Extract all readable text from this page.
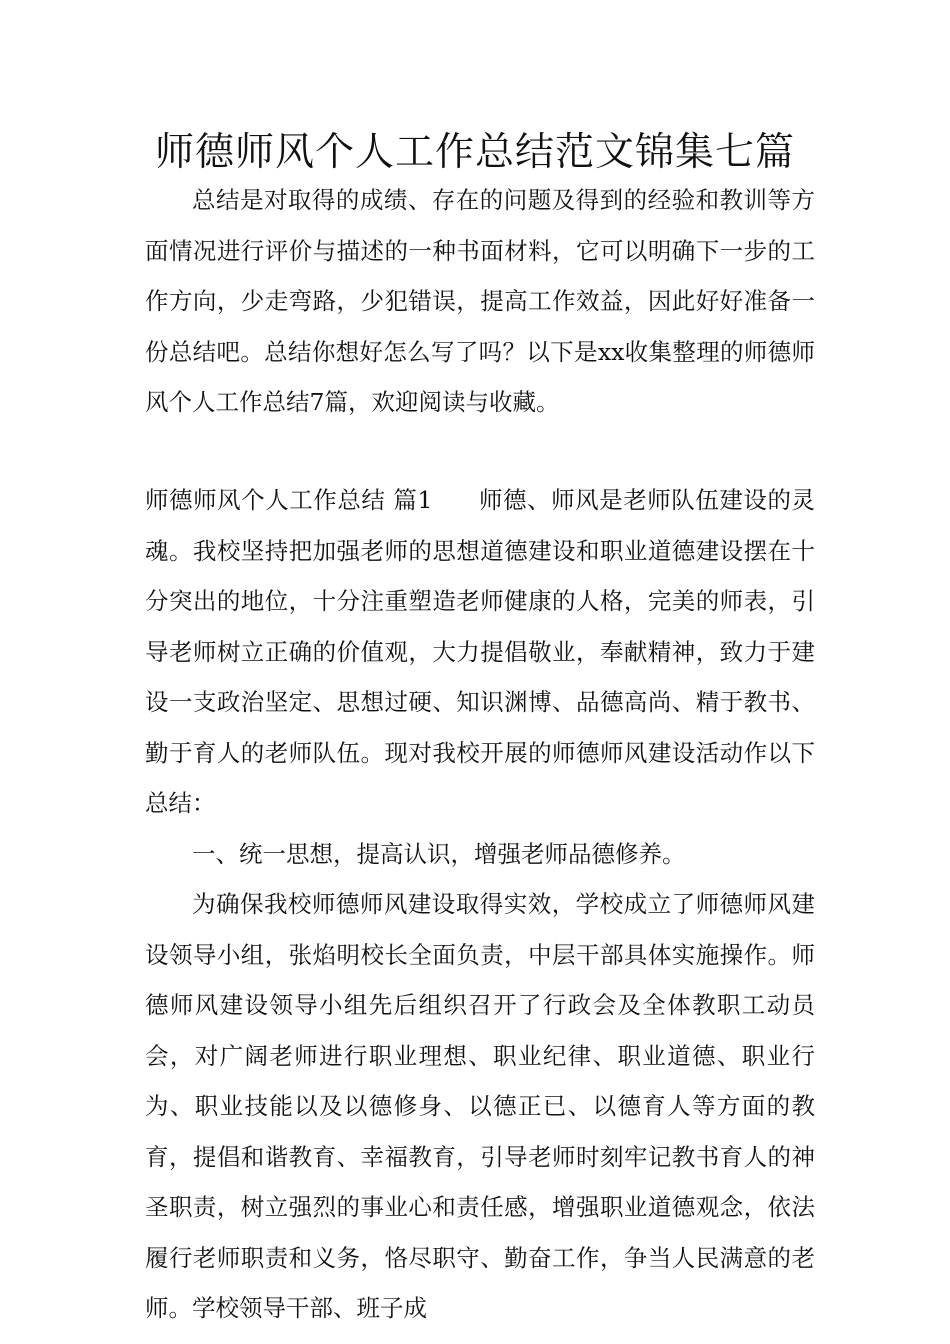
师德师风个人工作总结范文锦集七篇

总结是对取得的成绩、存在的问题及得到的经验和教训等方面情况进行评价与描述的一种书面材料，它可以明确下一步的工作方向，少走弯路，少犯错误，提高工作效益，因此好好准备一份总结吧。总结你想好怎么写了吗？以下是xx收集整理的师德师风个人工作总结7篇，欢迎阅读与收藏。

师德师风个人工作总结 篇1 师德、师风是老师队伍建设的灵魂。我校坚持把加强老师的思想道德建设和职业道德建设摆在十分突出的地位，十分注重塑造老师健康的人格，完美的师表，引导老师树立正确的价值观，大力提倡敬业，奉献精神，致力于建设一支政治坚定、思想过硬、知识渊博、品德高尚、精于教书、勤于育人的老师队伍。现对我校开展的师德师风建设活动作以下总结：

一、统一思想，提高认识，增强老师品德修养。

为确保我校师德师风建设取得实效，学校成立了师德师风建设领导小组，张焰明校长全面负责，中层干部具体实施操作。师德师风建设领导小组先后组织召开了行政会及全体教职工动员会，对广阔老师进行职业理想、职业纪律、职业道德、职业行为、职业技能以及以德修身、以德正已、以德育人等方面的教育，提倡和谐教育、幸福教育，引导老师时刻牢记教书育人的神圣职责，树立强烈的事业心和责任感，增强职业道德观念，依法履行老师职责和义务，恪尽职守、勤奋工作，争当人民满意的老师。学校领导干部、班子成
